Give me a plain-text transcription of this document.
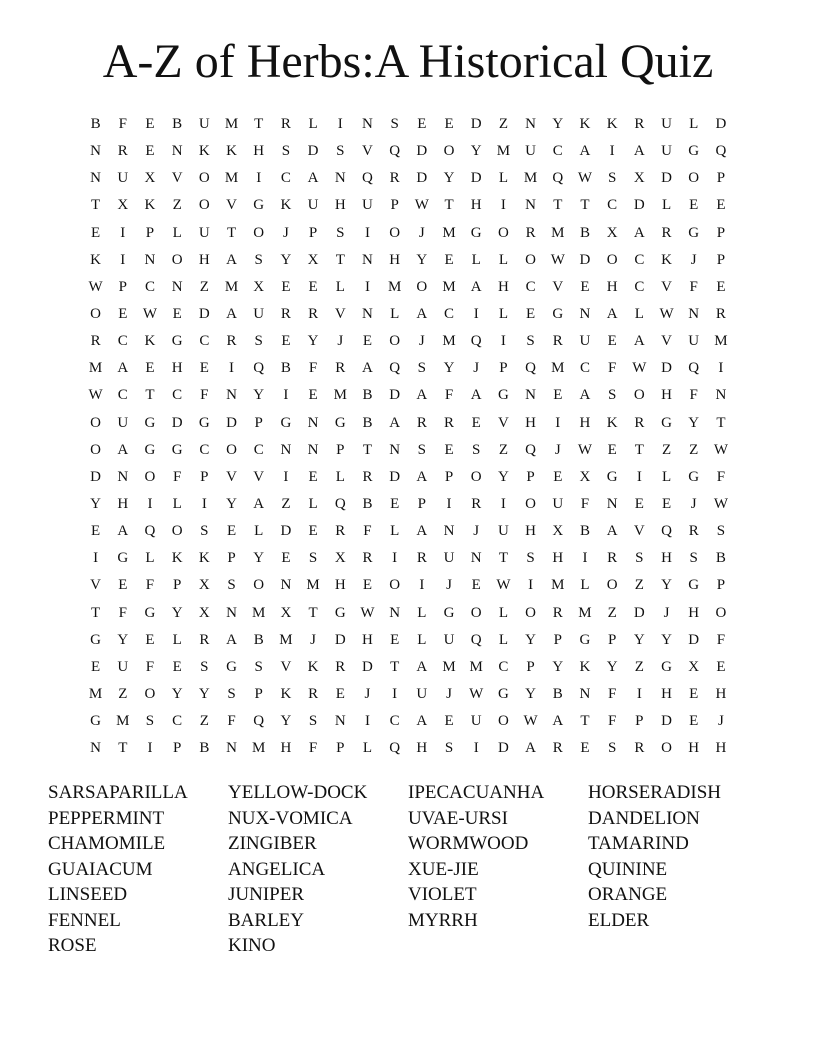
A-Z of Herbs:A Historical Quiz
B	F	E	B	U	M	T	R	L	I	N	S	E	E	D	Z	N	Y	K	K	R	U	L	D
N	R	E	N	K	K	H	S	D	S	V	Q	D	O	Y	M	U	C	A	I	A	U	G	Q
N	U	X	V	O	M	I	C	A	N	Q	R	D	Y	D	L	M	Q W	S	X	D	O	P
T	X	K	Z	O	V	G	K	U	H	U	P	W	T	H	I	N	T	T	C	D	L	E	E
E	I	P	L	U	T	O	J	P	S	I	O	J	M	G	O	R	M	B	X	A	R	G	P
K	I	N	O	H	A	S	Y	X	T	N	H	Y	E	L	L	O W D	O	C	K	J	P
W	P	C	N	Z	M	X	E	E	L	I	M	O	M	A	H	C	V	E	H	C	V	F	E
O	E	W	E	D	A	U	R	R	V	N	L	A	C	I	L	E	G	N	A	L	W N	R
R	C	K	G	C	R	S	E	Y	J	E	O	J	M	Q	I	S	R	U	E	A	V	U	M
M	A	E	H	E	I	Q	B	F	R	A	Q	S	Y	J	P	Q	M	C	F	W D	Q	I
W	C	T	C	F	N	Y	I	E	M	B	D	A	F	A	G	N	E	A	S	O	H	F	N
O	U	G	D	G	D	P	G	N	G	B	A	R	R	E	V	H	I	H	K	R	G	Y	T
O	A	G	G	C	O	C	N	N	P	T	N	S	E	S	Z	Q	J	W	E	T	Z	Z	W
D	N	O	F	P	V	V	I	E	L	R	D	A	P	O	Y	P	E	X	G	I	L	G	F
Y	H	I	L	I	Y	A	Z	L	Q	B	E	P	I	R	I	O	U	F	N	E	E	J	W
E	A	Q	O	S	E	L	D	E	R	F	L	A	N	J	U	H	X	B	A	V	Q	R	S
I	G	L	K	K	P	Y	E	S	X	R	I	R	U	N	T	S	H	I	R	S	H	S	B
V	E	F	P	X	S	O	N	M	H	E	O	I	J	E	W	I	M	L	O	Z	Y	G	P
T	F	G	Y	X	N	M	X	T	G W N	L	G	O	L	O	R	M	Z	D	J	H	O
G	Y	E	L	R	A	B	M	J	D	H	E	L	U	Q	L	Y	P	G	P	Y	Y	D	F
E	U	F	E	S	G	S	V	K	R	D	T	A	M M	C	P	Y	K	Y	Z	G	X	E
M	Z	O	Y	Y	S	P	K	R	E	J	I	U	J	W G	Y	B	N	F	I	H	E	H
G	M	S	C	Z	F	Q	Y	S	N	I	C	A	E	U	O W A	T	F	P	D	E	J
N	T	I	P	B	N	M	H	F	P	L	Q	H	S	I	D	A	R	E	S	R	O	H	H
SARSAPARILLA	YELLOW-DOCK	IPECACUANHA	HORSERADISH
PEPPERMINT	NUX-VOMICA	UVAE-URSI	DANDELION
CHAMOMILE	ZINGIBER	WORMWOOD	TAMARIND
GUAIACUM	ANGELICA	XUE-JIE	QUININE
LINSEED	JUNIPER	VIOLET	ORANGE
FENNEL	BARLEY	MYRRH	ELDER
ROSE	KINO
